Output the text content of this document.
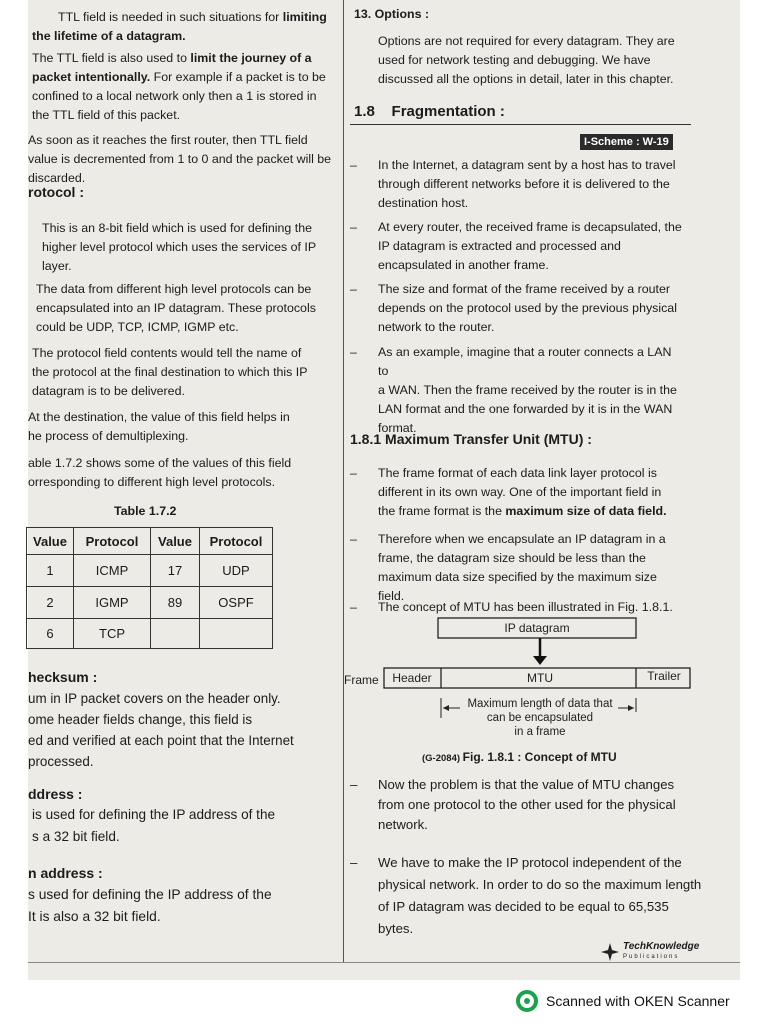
TTL field is needed in such situations for limiting

the lifetime of a datagram.

The TTL field is also used to limit the journey of a
packet intentionally. For example if a packet is to be
confined to a local network only then a 1 is stored in
the TTL field of this packet.

As soon as it reaches the first router, then TTL field
value is decremented from 1 to 0 and the packet will be
discarded.

rotocol :

This is an 8-bit field which is used for defining the
higher level protocol which uses the services of IP
layer.

The data from different high level protocols can be
encapsulated into an IP datagram. These protocols
could be UDP, TCP, ICMP, IGMP etc.

The protocol field contents would tell the name of
the protocol at the final destination to which this IP
datagram is to be delivered.

At the destination, the value of this field helps in
he process of demultiplexing.

able 1.7.2 shows some of the values of this field
orresponding to different high level protocols.

Table 1.7.2

Value	Protocol	Value	Protocol
1	ICMP	17	UDP
2	IGMP	89	OSPF
6	TCP		

hecksum :

um in IP packet covers on the header only.
ome header fields change, this field is
ed and verified at each point that the Internet
processed.

ddress :

is used for defining the IP address of the
s a 32 bit field.

n address :

s used for defining the IP address of the
It is also a 32 bit field.

13. Options :

Options are not required for every datagram. They are
used for network testing and debugging. We have
discussed all the options in detail, later in this chapter.

1.8 Fragmentation :

I-Scheme : W-19
– In the Internet, a datagram sent by a host has to travel
through different networks before it is delivered to the
destination host.
– At every router, the received frame is decapsulated, the
IP datagram is extracted and processed and
encapsulated in another frame.
– The size and format of the frame received by a router
depends on the protocol used by the previous physical
network to the router.
– As an example, imagine that a router connects a LAN to
a WAN. Then the frame received by the router is in the
LAN format and the one forwarded by it is in the WAN
format.

1.8.1 Maximum Transfer Unit (MTU) :

– The frame format of each data link layer protocol is
different in its own way. One of the important field in
the frame format is the maximum size of data field.
– Therefore when we encapsulate an IP datagram in a
frame, the datagram size should be less than the
maximum data size specified by the maximum size field.
– The concept of MTU has been illustrated in Fig. 1.8.1.
IP datagram
Frame Header	MTU	Trailer
Maximum length of data that
can be encapsulated
in a frame

(G-2084) Fig. 1.8.1 : Concept of MTU

– Now the problem is that the value of MTU changes
from one protocol to the other used for the physical
network.
– We have to make the IP protocol independent of the
physical network. In order to do so the maximum length
of IP datagram was decided to be equal to 65,535
bytes.
TechKnowledge
Publications
Scanned with OKEN Scanner
